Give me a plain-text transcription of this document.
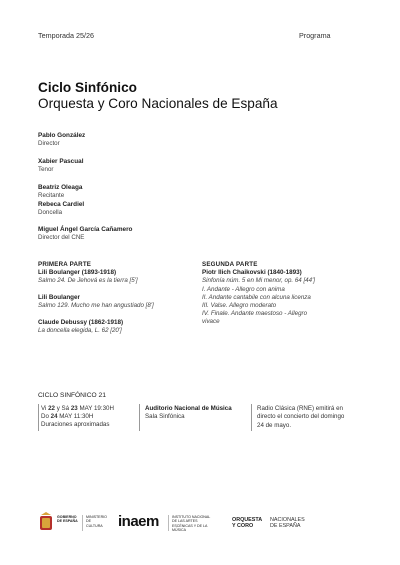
Temporada 25/26	Programa
Ciclo Sinfónico
Orquesta y Coro Nacionales de España
Pablo González
Director
Xabier Pascual
Tenor
Beatriz Oleaga
Recitante
Rebeca Cardiel
Doncella
Miguel Ángel García Cañamero
Director del CNE
PRIMERA PARTE
Lili Boulanger (1893-1918)
Salmo 24. De Jehová es la tierra [5']
Lili Boulanger
Salmo 129. Mucho me han angustiado [8']
Claude Debussy (1862-1918)
La doncella elegida, L. 62 [20']
SEGUNDA PARTE
Piotr Ilich Chaikovski (1840-1893)
Sinfonía núm. 5 en Mi menor, op. 64 [44']
I. Andante - Allegro con anima
II. Andante cantabile con alcuna licenza
III. Valse. Allegro moderato
IV. Finale. Andante maestoso - Allegro
vivace
CICLO SINFÓNICO 21
Vi 22 y Sá 23 MAY 19:30H
Do 24 MAY 11:30H
Duraciones aproximadas
Auditorio Nacional de Música
Sala Sinfónica
Radio Clásica (RNE) emitirá en directo el concierto del domingo 24 de mayo.
GOBIERNO DE ESPAÑA
MINISTERIO DE CULTURA	inaem	INSTITUTO NACIONAL DE LAS ARTES ESCÉNICAS Y DE LA MÚSICA
ORQUESTA
Y CORO
NACIONALES
DE ESPAÑA
